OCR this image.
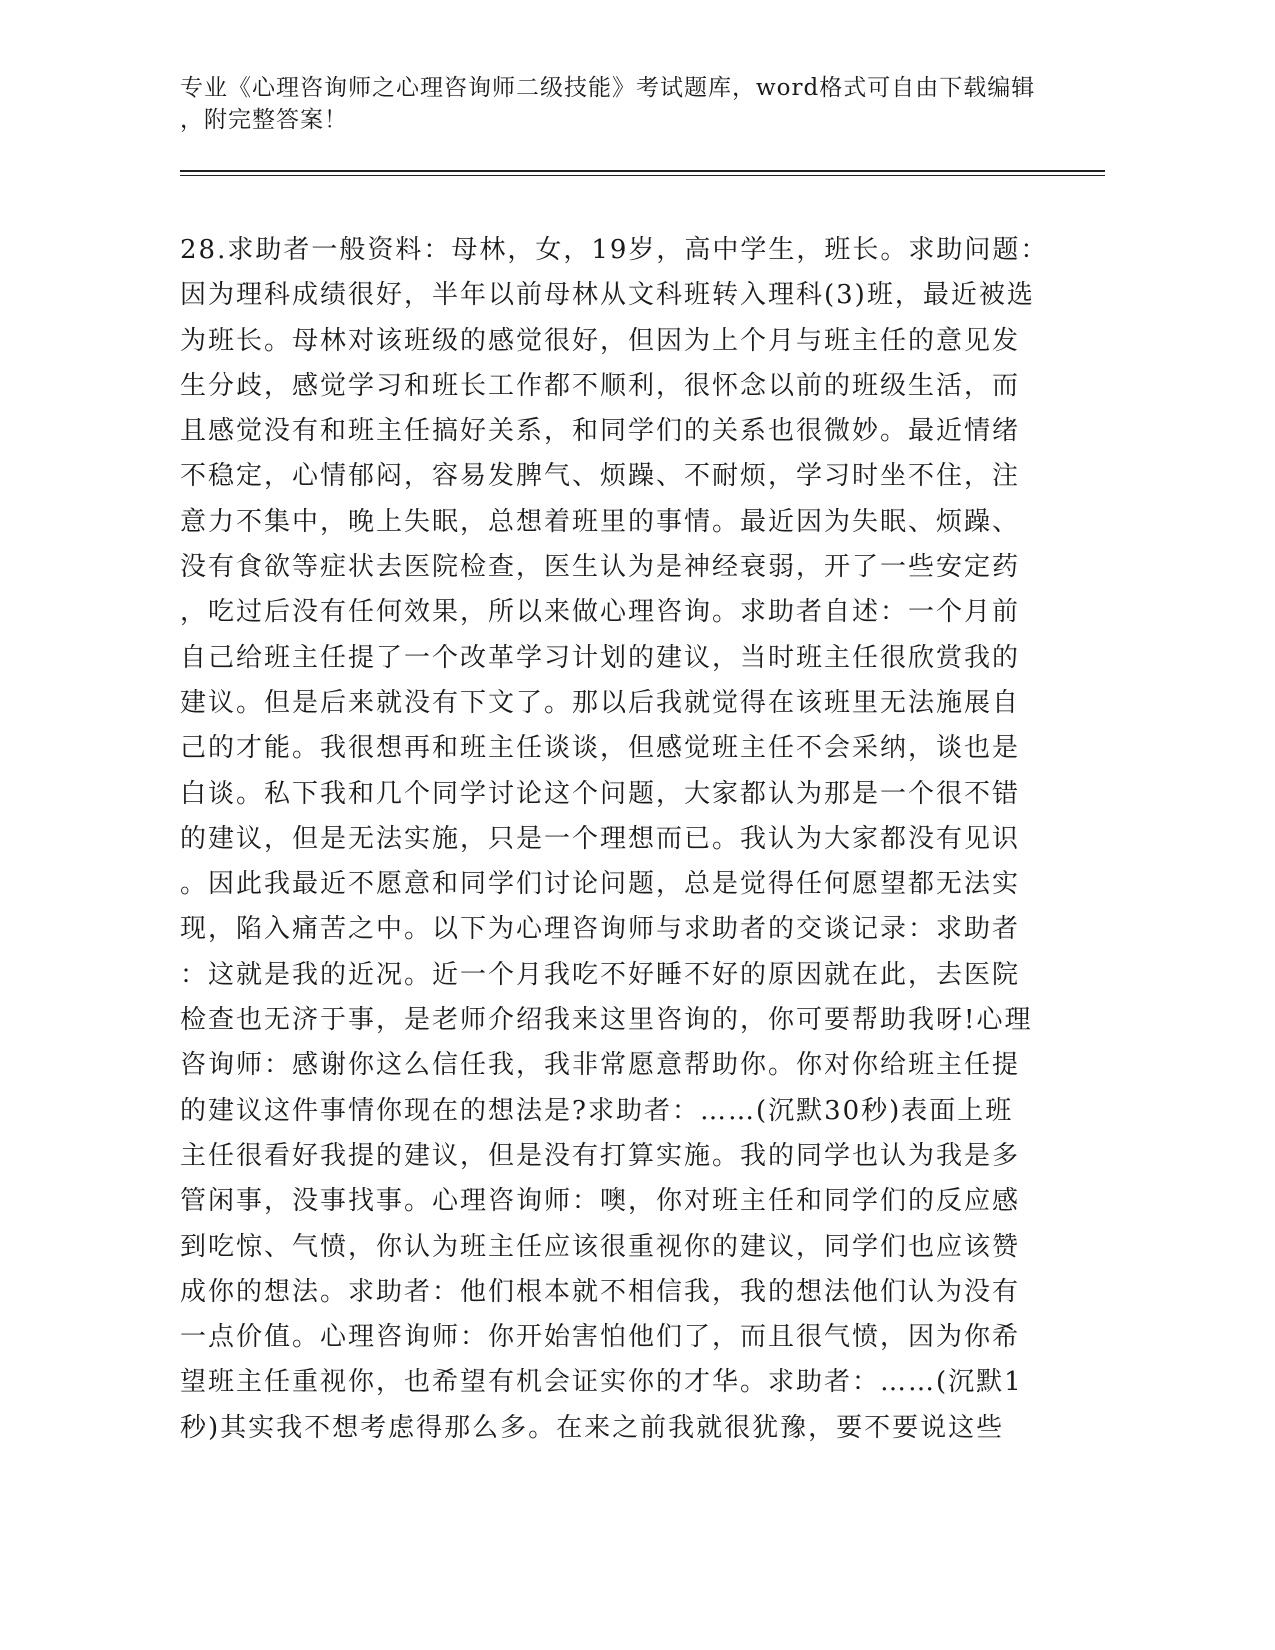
专业《心理咨询师之心理咨询师二级技能》考试题库，word格式可自由下载编辑
，附完整答案！
28.求助者一般资料：母林，女，19岁，高中学生，班长。求助问题：
因为理科成绩很好，半年以前母林从文科班转入理科(3)班，最近被选
为班长。母林对该班级的感觉很好，但因为上个月与班主任的意见发
生分歧，感觉学习和班长工作都不顺利，很怀念以前的班级生活，而
且感觉没有和班主任搞好关系，和同学们的关系也很微妙。最近情绪
不稳定，心情郁闷，容易发脾气、烦躁、不耐烦，学习时坐不住，注
意力不集中，晚上失眠，总想着班里的事情。最近因为失眠、烦躁、
没有食欲等症状去医院检查，医生认为是神经衰弱，开了一些安定药
，吃过后没有任何效果，所以来做心理咨询。求助者自述：一个月前
自己给班主任提了一个改革学习计划的建议，当时班主任很欣赏我的
建议。但是后来就没有下文了。那以后我就觉得在该班里无法施展自
己的才能。我很想再和班主任谈谈，但感觉班主任不会采纳，谈也是
白谈。私下我和几个同学讨论这个问题，大家都认为那是一个很不错
的建议，但是无法实施，只是一个理想而已。我认为大家都没有见识
。因此我最近不愿意和同学们讨论问题，总是觉得任何愿望都无法实
现，陷入痛苦之中。以下为心理咨询师与求助者的交谈记录：求助者
：这就是我的近况。近一个月我吃不好睡不好的原因就在此，去医院
检查也无济于事，是老师介绍我来这里咨询的，你可要帮助我呀!心理
咨询师：感谢你这么信任我，我非常愿意帮助你。你对你给班主任提
的建议这件事情你现在的想法是?求助者：……(沉默30秒)表面上班
主任很看好我提的建议，但是没有打算实施。我的同学也认为我是多
管闲事，没事找事。心理咨询师：噢，你对班主任和同学们的反应感
到吃惊、气愤，你认为班主任应该很重视你的建议，同学们也应该赞
成你的想法。求助者：他们根本就不相信我，我的想法他们认为没有
一点价值。心理咨询师：你开始害怕他们了，而且很气愤，因为你希
望班主任重视你，也希望有机会证实你的才华。求助者：……(沉默1
秒)其实我不想考虑得那么多。在来之前我就很犹豫，要不要说这些
